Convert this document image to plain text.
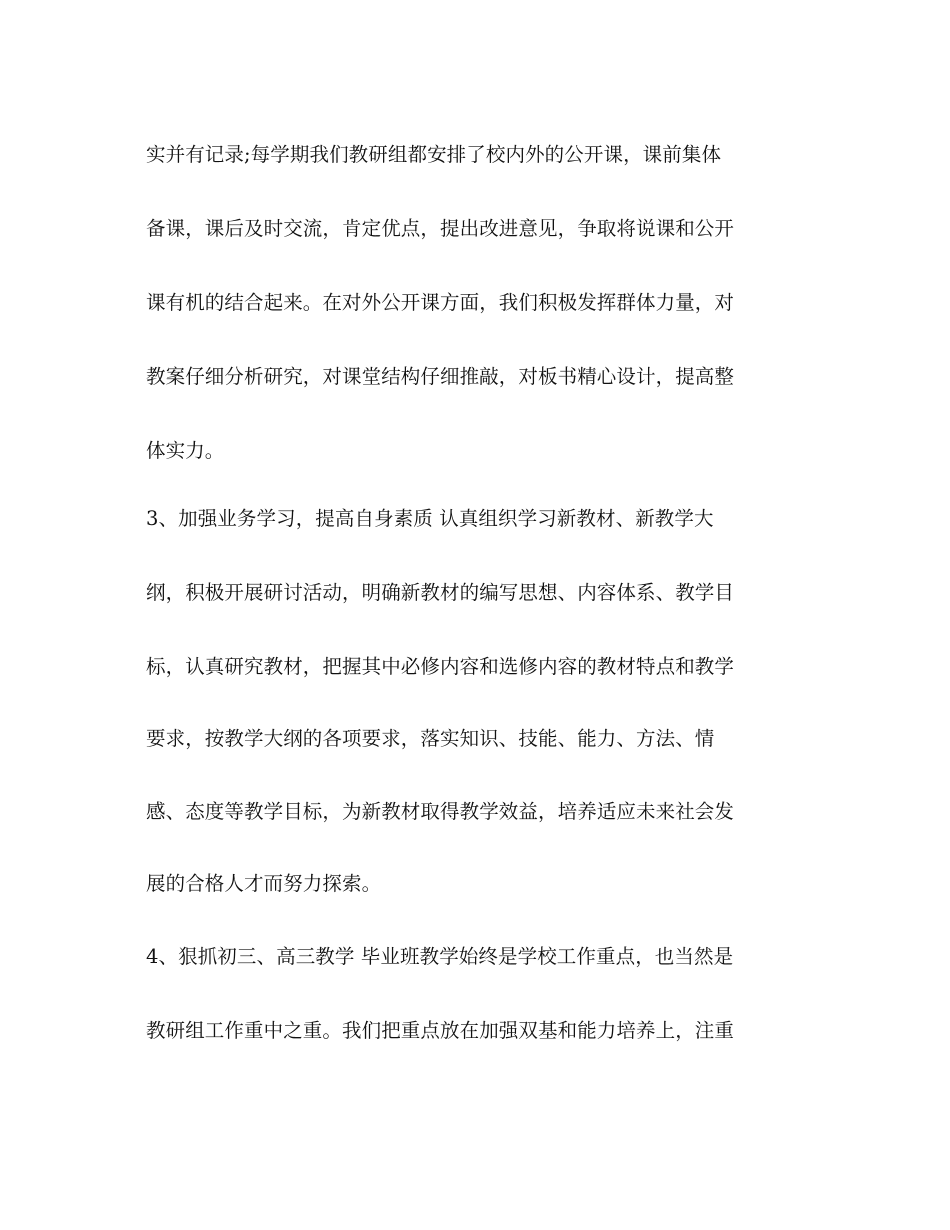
实并有记录;每学期我们教研组都安排了校内外的公开课，课前集体

备课，课后及时交流，肯定优点，提出改进意见，争取将说课和公开

课有机的结合起来。在对外公开课方面，我们积极发挥群体力量，对

教案仔细分析研究，对课堂结构仔细推敲，对板书精心设计，提高整

体实力。

3、加强业务学习，提高自身素质 认真组织学习新教材、新教学大

纲，积极开展研讨活动，明确新教材的编写思想、内容体系、教学目

标，认真研究教材，把握其中必修内容和选修内容的教材特点和教学

要求，按教学大纲的各项要求，落实知识、技能、能力、方法、情

感、态度等教学目标，为新教材取得教学效益，培养适应未来社会发

展的合格人才而努力探索。

4、狠抓初三、高三教学 毕业班教学始终是学校工作重点，也当然是

教研组工作重中之重。我们把重点放在加强双基和能力培养上，注重
